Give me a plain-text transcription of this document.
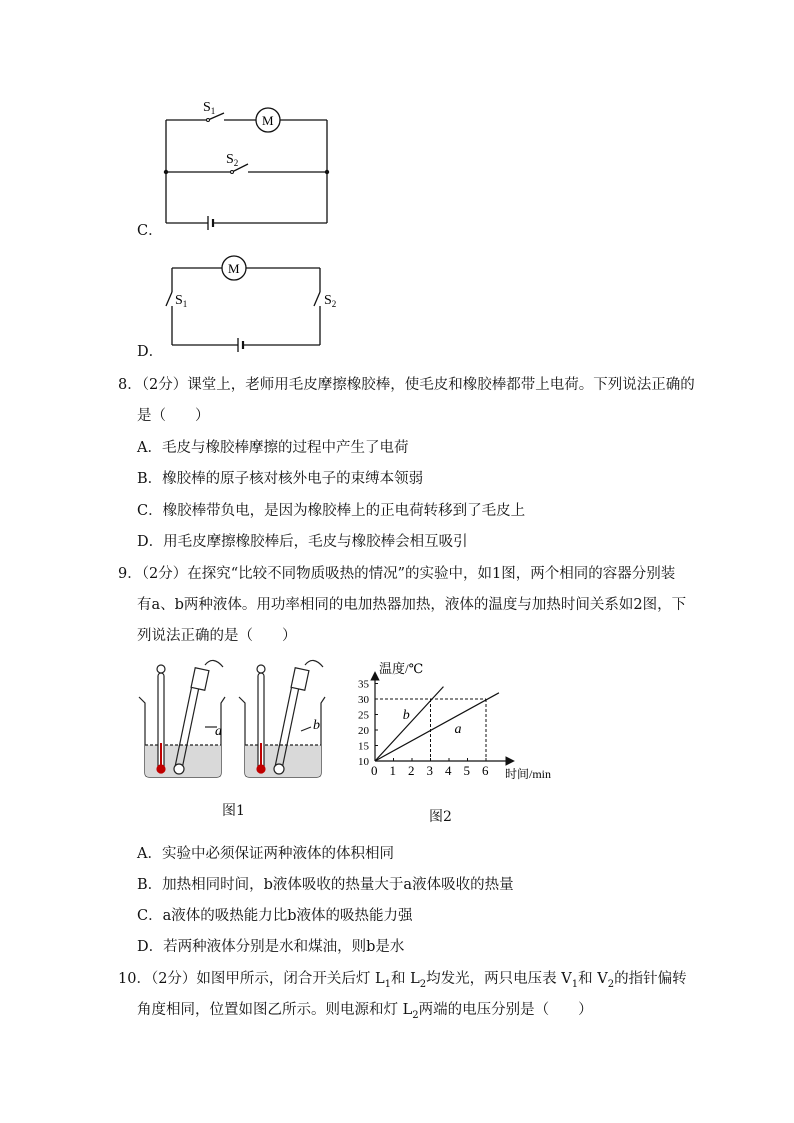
$S_1$
$S_2$
M
C．
$S_1$	$S_2$
M
D．
8．（2分）课堂上，老师用毛皮摩擦橡胶棒，使毛皮和橡胶棒都带上电荷。下列说法正确的
是（　　）
A．毛皮与橡胶棒摩擦的过程中产生了电荷
B．橡胶棒的原子核对核外电子的束缚本领弱
C．橡胶棒带负电，是因为橡胶棒上的正电荷转移到了毛皮上
D．用毛皮摩擦橡胶棒后，毛皮与橡胶棒会相互吸引
9．（2分）在探究“比较不同物质吸热的情况”的实验中，如1图，两个相同的容器分别装
有a、b两种液体。用功率相同的电加热器加热，液体的温度与加热时间关系如2图，下
列说法正确的是（　　）
a	b
图1
温度/℃
时间/min
0 1 2 3 4 5 6
10
15
20
25
30
35
b
a
图2
A．实验中必须保证两种液体的体积相同
B．加热相同时间，b液体吸收的热量大于a液体吸收的热量
C．a液体的吸热能力比b液体的吸热能力强
D．若两种液体分别是水和煤油，则b是水
10．（2分）如图甲所示，闭合开关后灯 $L_1$和 $L_2$均发光，两只电压表 $V_1$和 $V_2$的指针偏转
角度相同，位置如图乙所示。则电源和灯 $L_2$两端的电压分别是（　　）
